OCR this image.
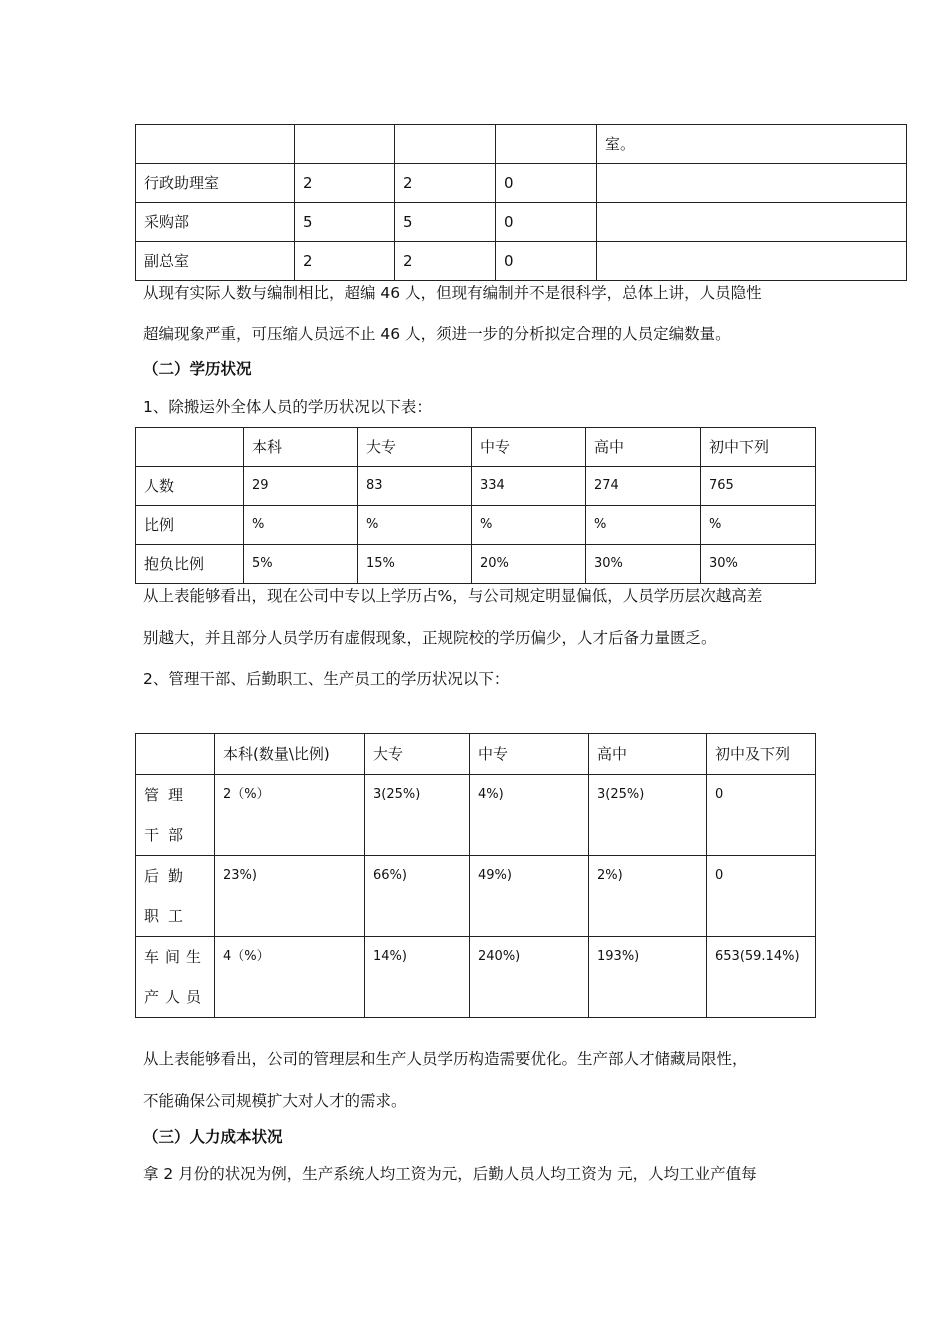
				室。
行政助理室	2	2	0	
采购部	5	5	0	
副总室	2	2	0	
从现有实际人数与编制相比，超编 46 人，但现有编制并不是很科学，总体上讲，人员隐性
超编现象严重，可压缩人员远不止 46 人，须进一步的分析拟定合理的人员定编数量。
（二）学历状况
1、除搬运外全体人员的学历状况以下表：
	本科	大专	中专	高中	初中下列
人数	29	83	334	274	765
比例	%	%	%	%	%
抱负比例	5%	15%	20%	30%	30%
从上表能够看出，现在公司中专以上学历占%，与公司规定明显偏低，人员学历层次越高差
别越大，并且部分人员学历有虚假现象，正规院校的学历偏少，人才后备力量匮乏。
2、管理干部、后勤职工、生产员工的学历状况以下：
	本科(数量\比例)	大专	中专	高中	初中及下列
管理干部	2（%）	3(25%)	4%)	3(25%)	0
后勤职工	23%)	66%)	49%)	2%)	0
车间生产人员	4（%）	14%)	240%)	193%)	653(59.14%)
从上表能够看出，公司的管理层和生产人员学历构造需要优化。生产部人才储藏局限性，
不能确保公司规模扩大对人才的需求。
（三）人力成本状况
拿 2 月份的状况为例，生产系统人均工资为元，后勤人员人均工资为 元，人均工业产值每
